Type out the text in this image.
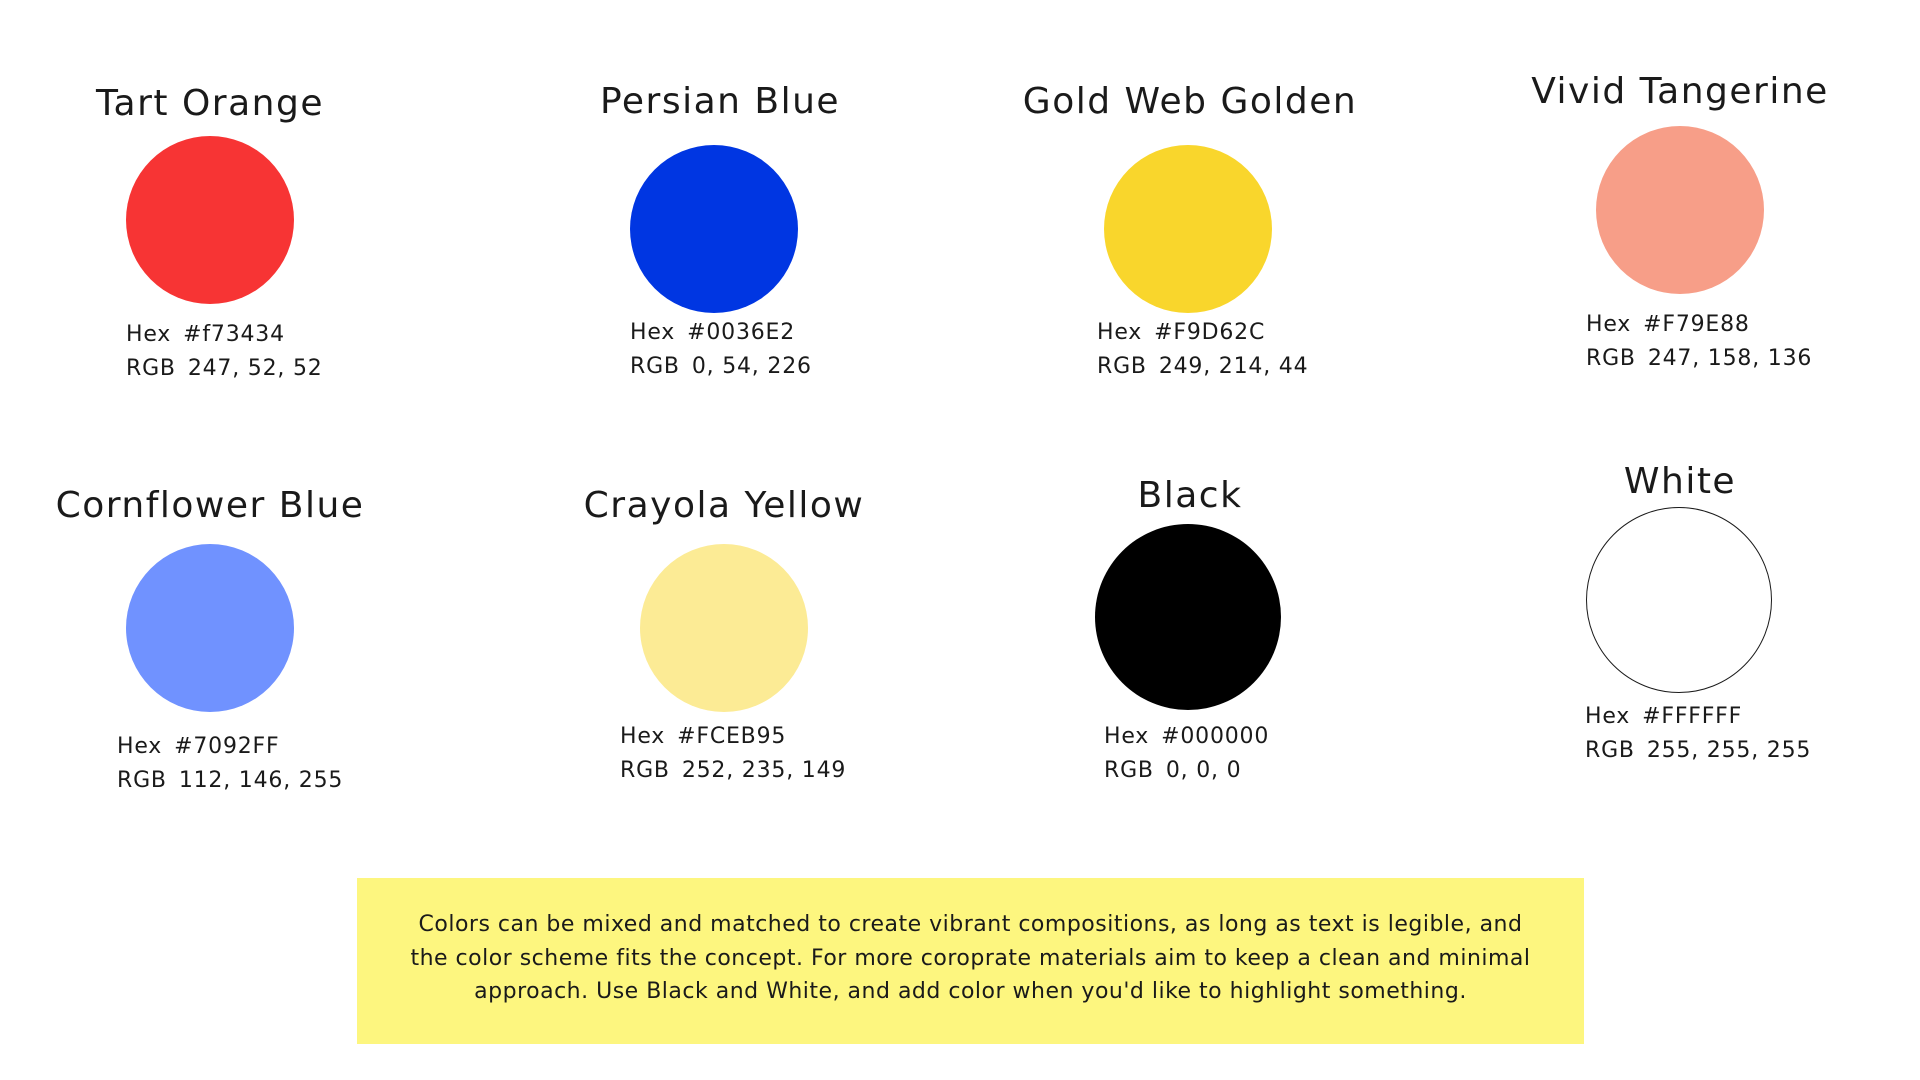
Tart Orange
Hex #f73434
RGB 247, 52, 52
Persian Blue
Hex #0036E2
RGB 0, 54, 226
Gold Web Golden
Hex #F9D62C
RGB 249, 214, 44
Vivid Tangerine
Hex #F79E88
RGB 247, 158, 136
Cornflower Blue
Hex #7092FF
RGB 112, 146, 255
Crayola Yellow
Hex #FCEB95
RGB 252, 235, 149
Black
Hex #000000
RGB 0, 0, 0
White
Hex #FFFFFF
RGB 255, 255, 255
Colors can be mixed and matched to create vibrant compositions, as long as text is legible, and the color scheme fits the concept. For more coroprate materials aim to keep a clean and minimal approach. Use Black and White, and add color when you'd like to highlight something.
